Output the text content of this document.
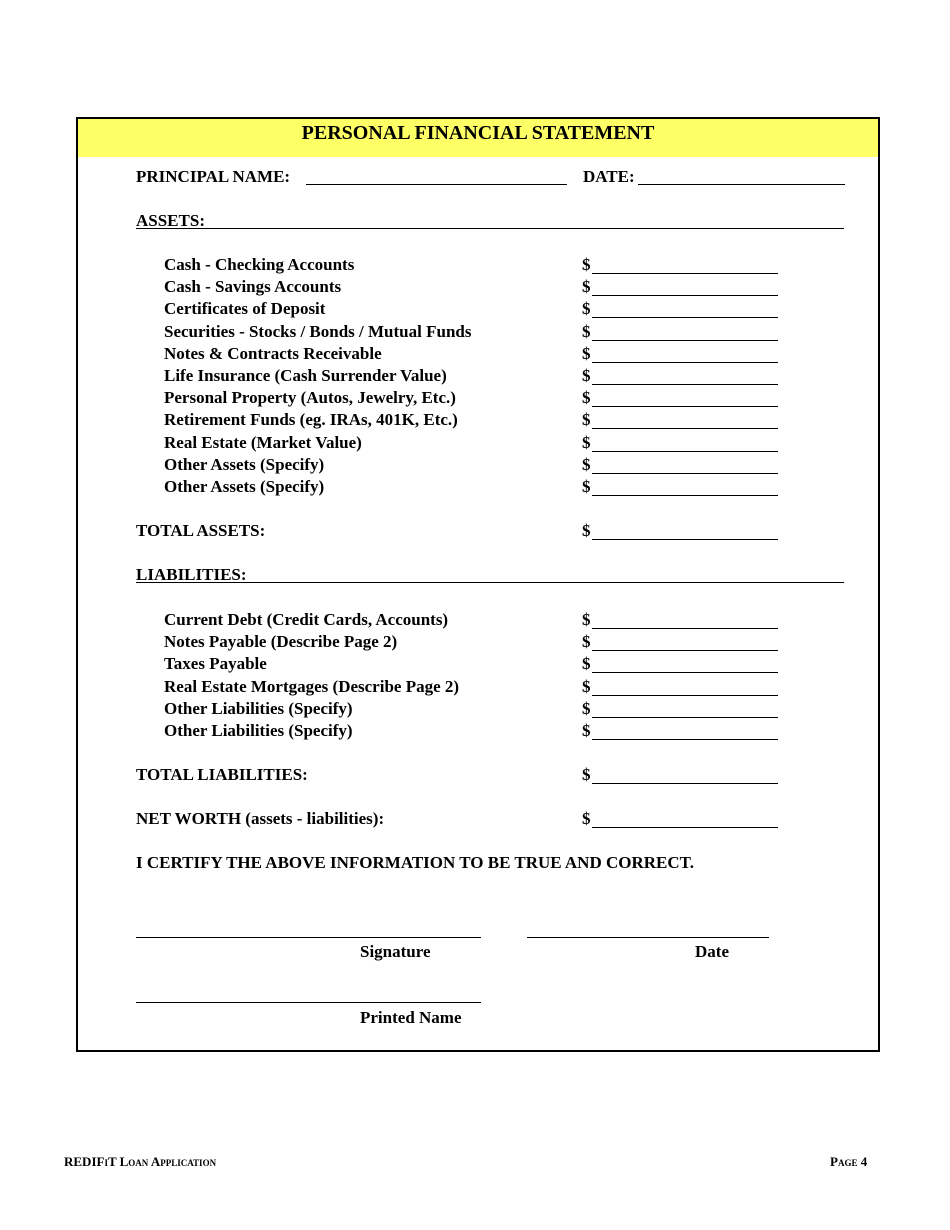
PERSONAL FINANCIAL STATEMENT
PRINCIPAL NAME:	DATE:
ASSETS:
Cash - Checking Accounts	$
Cash - Savings Accounts	$
Certificates of Deposit	$
Securities - Stocks / Bonds / Mutual Funds	$
Notes & Contracts Receivable	$
Life Insurance (Cash Surrender Value)	$
Personal Property (Autos, Jewelry, Etc.)	$
Retirement Funds (eg. IRAs, 401K, Etc.)	$
Real Estate (Market Value)	$
Other Assets (Specify)	$
Other Assets (Specify)	$
TOTAL ASSETS:	$
LIABILITIES:
Current Debt (Credit Cards, Accounts)	$
Notes Payable (Describe Page 2)	$
Taxes Payable	$
Real Estate Mortgages (Describe Page 2)	$
Other Liabilities (Specify)	$
Other Liabilities (Specify)	$
TOTAL LIABILITIES:	$
NET WORTH (assets - liabilities):	$
I CERTIFY THE ABOVE INFORMATION TO BE TRUE AND CORRECT.
Signature	Date
Printed Name
REDIFiT Loan Application	Page 4
